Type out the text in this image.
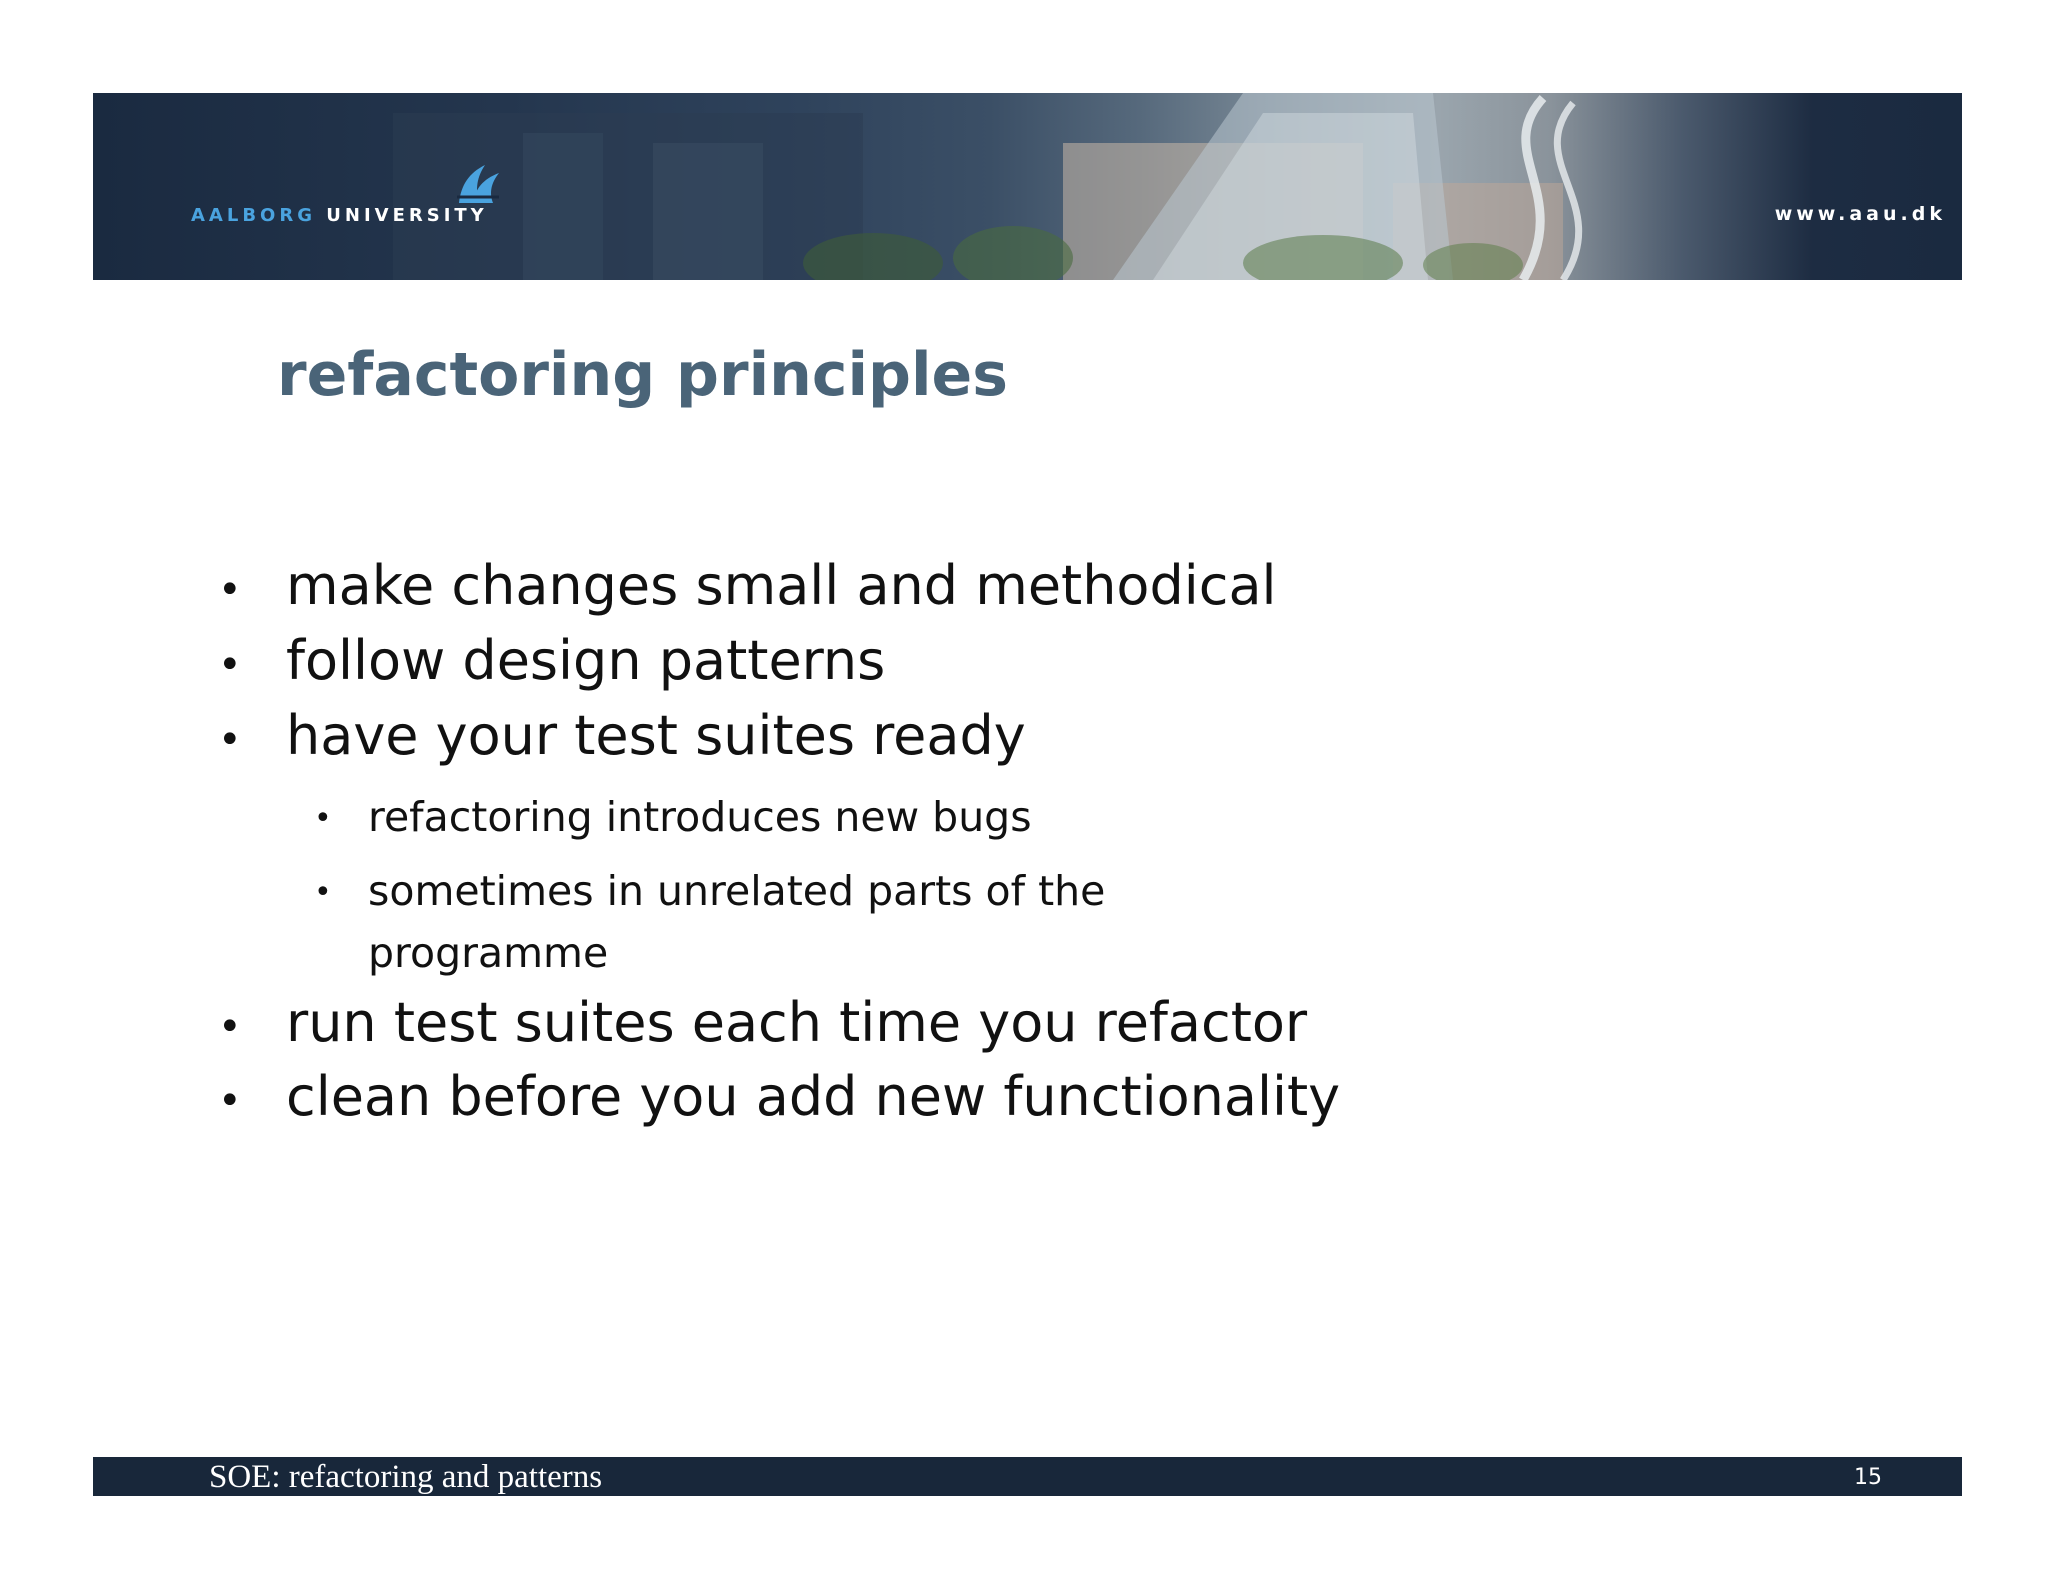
AALBORG UNIVERSITY	www.aau.dk
refactoring principles
• make changes small and methodical
• follow design patterns
• have your test suites ready
• refactoring introduces new bugs
• sometimes in unrelated parts of the programme
• run test suites each time you refactor
• clean before you add new functionality
SOE: refactoring and patterns	15
